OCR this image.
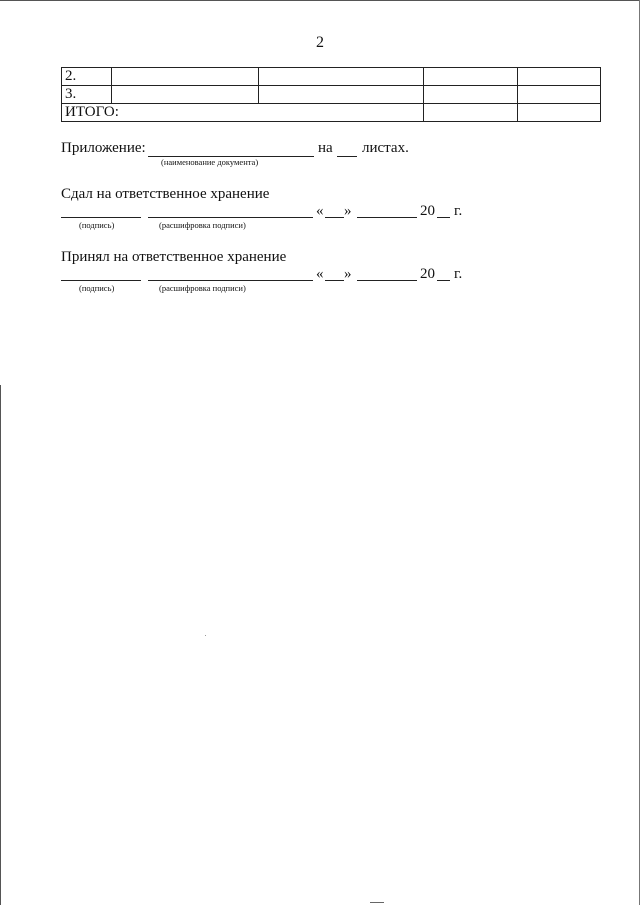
2
2.				
3.				
ИТОГО:				
Приложение:
(наименование документа)
на листах.
Сдал на ответственное хранение
(подпись)	(расшифровка подписи)
« »	20 г.
Принял на ответственное хранение
(подпись)	(расшифровка подписи)
« »	20 г.
